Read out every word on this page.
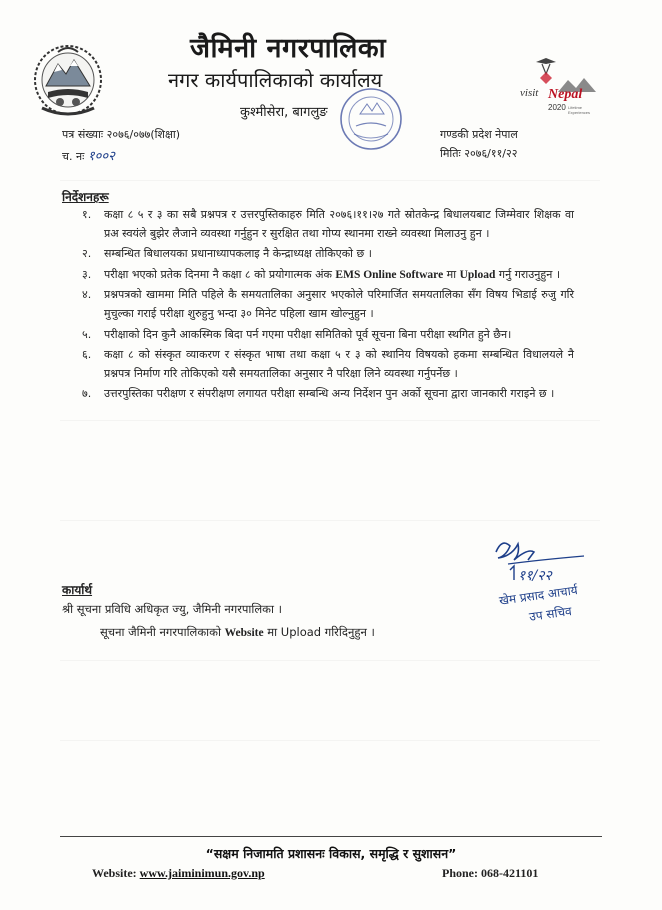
visit Nepal
2020 Lifetime
Experiences
जैमिनी नगरपालिका
नगर कार्यपालिकाको कार्यालय
कुश्मीसेरा, बागलुङ
पत्र संख्याः २०७६/०७७(शिक्षा)
च. नः १००२
गण्डकी प्रदेश नेपाल
मितिः २०७६/११/२२
निर्देशनहरू
१. कक्षा ८ ५ र ३ का सबै प्रश्नपत्र र उत्तरपुस्तिकाहरु मिति २०७६।११।२७ गते स्रोतकेन्द्र बिधालयबाट जिम्मेवार शिक्षक वा प्रअ स्वयंले बुझेर लैजाने व्यवस्था गर्नुहुन र सुरक्षित तथा गोप्य स्थानमा राख्ने व्यवस्था मिलाउनु हुन ।
२. सम्बन्धित बिधालयका प्रधानाध्यापकलाइ नै केन्द्राध्यक्ष तोकिएको छ ।
३. परीक्षा भएको प्रतेक दिनमा नै कक्षा ८ को प्रयोगात्मक अंक EMS Online Software मा Upload गर्नु गराउनुहुन ।
४. प्रश्नपत्रको खाममा मिति पहिले कै समयतालिका अनुसार भएकोले परिमार्जित समयतालिका सँग विषय भिडाई रुजु गरि मुचुल्का गराई परीक्षा शुरुहुनु भन्दा ३० मिनेट पहिला खाम खोल्नुहुन ।
५. परीक्षाको दिन कुनै आकस्मिक बिदा पर्न गएमा परीक्षा समितिको पूर्व सूचना बिना परीक्षा स्थगित हुने छैन।
६. कक्षा ८ को संस्कृत व्याकरण र संस्कृत भाषा तथा कक्षा ५ र ३ को स्थानिय विषयको हकमा सम्बन्धित विधालयले नै प्रश्नपत्र निर्माण गरि तोकिएको यसै समयतालिका अनुसार नै परिक्षा लिने व्यवस्था गर्नुपर्नेछ ।
७. उत्तरपुस्तिका परीक्षण र संपरीक्षण लगायत परीक्षा सम्बन्धि अन्य निर्देशन पुन अर्को सूचना द्वारा जानकारी गराइने छ ।
११/२२
खेम प्रसाद आचार्य
उप सचिव
कार्यार्थ
श्री सूचना प्रविधि अधिकृत ज्यु, जैमिनी नगरपालिका ।
सूचना जैमिनी नगरपालिकाको Website मा Upload गरिदिनुहुन ।
“सक्षम निजामति प्रशासनः विकास, समृद्धि र सुशासन”
Website: www.jaiminimun.gov.np	Phone: 068-421101
